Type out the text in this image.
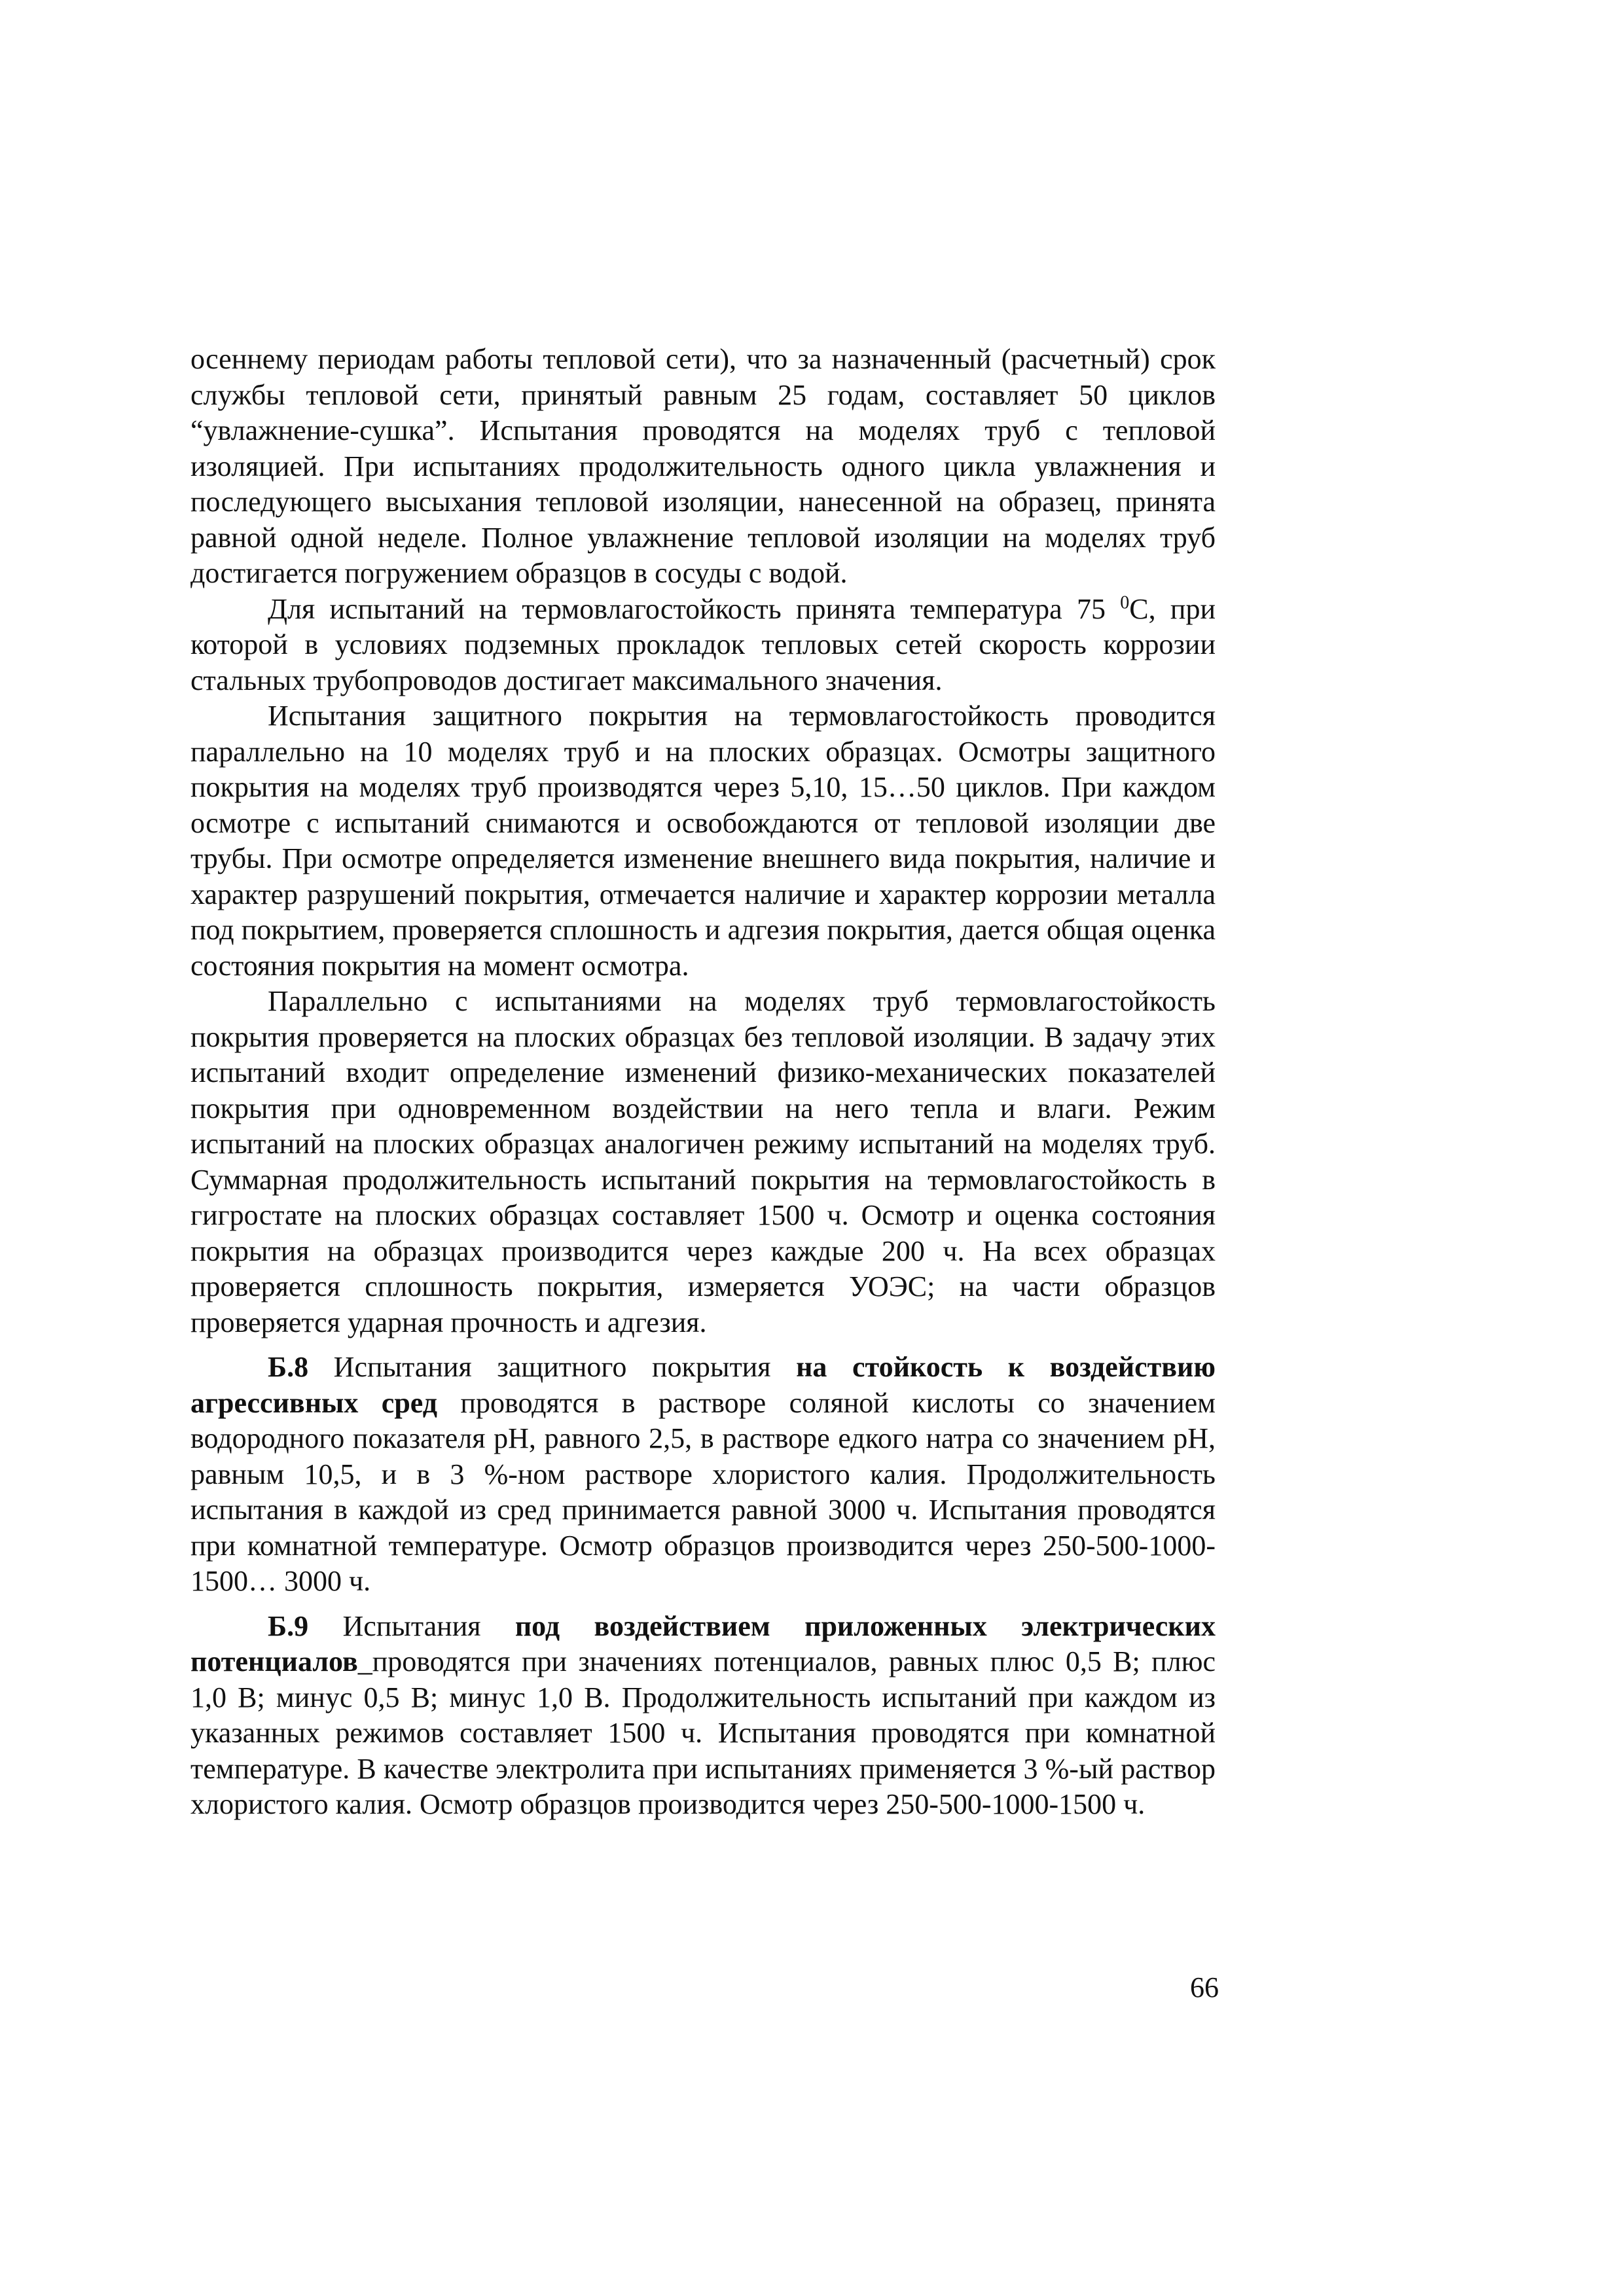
осеннему периодам работы тепловой сети), что за назначенный (расчетный) срок службы тепловой сети, принятый равным 25 годам, составляет 50 циклов “увлажнение-сушка”. Испытания проводятся на моделях труб с тепловой изоляцией. При испытаниях продолжительность одного цикла увлажнения и последующего высыхания тепловой изоляции, нанесенной на образец, принята равной одной неделе. Полное увлажнение тепловой изоляции на моделях труб достигается погружением образцов в сосуды с водой.

Для испытаний на термовлагостойкость принята температура 75 $^0$С, при которой в условиях подземных прокладок тепловых сетей скорость коррозии стальных трубопроводов достигает максимального значения.

Испытания защитного покрытия на термовлагостойкость проводится параллельно на 10 моделях труб и на плоских образцах. Осмотры защитного покрытия на моделях труб производятся через 5,10, 15…50 циклов. При каждом осмотре с испытаний снимаются и освобождаются от тепловой изоляции две трубы. При осмотре определяется изменение внешнего вида покрытия, наличие и характер разрушений покрытия, отмечается наличие и характер коррозии металла под покрытием, проверяется сплошность и адгезия покрытия, дается общая оценка состояния покрытия на момент осмотра.

Параллельно с испытаниями на моделях труб термовлагостойкость покрытия проверяется на плоских образцах без тепловой изоляции. В задачу этих испытаний входит определение изменений физико-механических показателей покрытия при одновременном воздействии на него тепла и влаги. Режим испытаний на плоских образцах аналогичен режиму испытаний на моделях труб. Суммарная продолжительность испытаний покрытия на термовлагостойкость в гигростате на плоских образцах составляет 1500 ч. Осмотр и оценка состояния покрытия на образцах производится через каждые 200 ч. На всех образцах проверяется сплошность покрытия, измеряется УОЭС; на части образцов проверяется ударная прочность и адгезия.

Б.8 Испытания защитного покрытия на стойкость к воздействию агрессивных сред проводятся в растворе соляной кислоты со значением водородного показателя рН, равного 2,5, в растворе едкого натра со значением рН, равным 10,5, и в 3 %-ном растворе хлористого калия. Продолжительность испытания в каждой из сред принимается равной 3000 ч. Испытания проводятся при комнатной температуре. Осмотр образцов производится через 250-500-1000-1500… 3000 ч.

Б.9 Испытания под воздействием приложенных электрических потенциалов_проводятся при значениях потенциалов, равных плюс 0,5 В; плюс 1,0 В; минус 0,5 В; минус 1,0 В. Продолжительность испытаний при каждом из указанных режимов составляет 1500 ч. Испытания проводятся при комнатной температуре. В качестве электролита при испытаниях применяется 3 %-ый раствор хлористого калия. Осмотр образцов производится через 250-500-1000-1500 ч.

66
